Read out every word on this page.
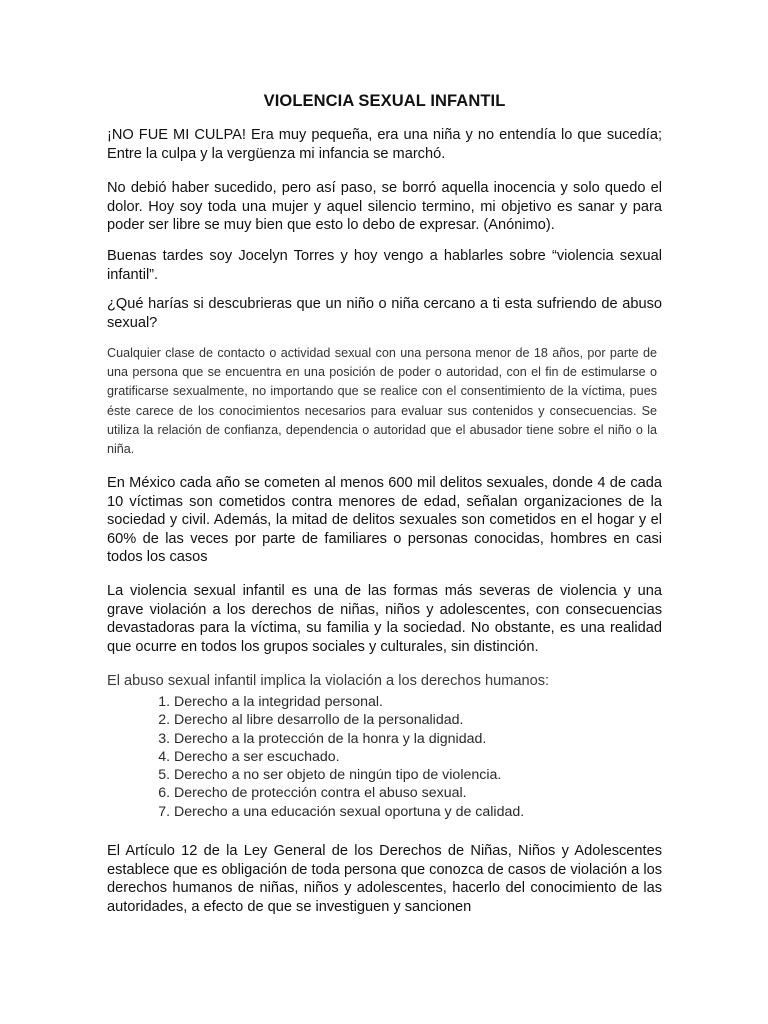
VIOLENCIA SEXUAL INFANTIL

¡NO FUE MI CULPA! Era muy pequeña, era una niña y no entendía lo que sucedía; Entre la culpa y la vergüenza mi infancia se marchó.

No debió haber sucedido, pero así paso, se borró aquella inocencia y solo quedo el dolor. Hoy soy toda una mujer y aquel silencio termino, mi objetivo es sanar y para poder ser libre se muy bien que esto lo debo de expresar. (Anónimo).

Buenas tardes soy Jocelyn Torres y hoy vengo a hablarles sobre “violencia sexual infantil”.

¿Qué harías si descubrieras que un niño o niña cercano a ti esta sufriendo de abuso sexual?

Cualquier clase de contacto o actividad sexual con una persona menor de 18 años, por parte de una persona que se encuentra en una posición de poder o autoridad, con el fin de estimularse o gratificarse sexualmente, no importando que se realice con el consentimiento de la víctima, pues éste carece de los conocimientos necesarios para evaluar sus contenidos y consecuencias. Se utiliza la relación de confianza, dependencia o autoridad que el abusador tiene sobre el niño o la niña.

En México cada año se cometen al menos 600 mil delitos sexuales, donde 4 de cada 10 víctimas son cometidos contra menores de edad, señalan organizaciones de la sociedad y civil. Además, la mitad de delitos sexuales son cometidos en el hogar y el 60% de las veces por parte de familiares o personas conocidas, hombres en casi todos los casos

La violencia sexual infantil es una de las formas más severas de violencia y una grave violación a los derechos de niñas, niños y adolescentes, con consecuencias devastadoras para la víctima, su familia y la sociedad. No obstante, es una realidad que ocurre en todos los grupos sociales y culturales, sin distinción.

El abuso sexual infantil implica la violación a los derechos humanos:

1. Derecho a la integridad personal.
2. Derecho al libre desarrollo de la personalidad.
3. Derecho a la protección de la honra y la dignidad.
4. Derecho a ser escuchado.
5. Derecho a no ser objeto de ningún tipo de violencia.
6. Derecho de protección contra el abuso sexual.
7. Derecho a una educación sexual oportuna y de calidad.

El Artículo 12 de la Ley General de los Derechos de Niñas, Niños y Adolescentes establece que es obligación de toda persona que conozca de casos de violación a los derechos humanos de niñas, niños y adolescentes, hacerlo del conocimiento de las autoridades, a efecto de que se investiguen y sancionen
